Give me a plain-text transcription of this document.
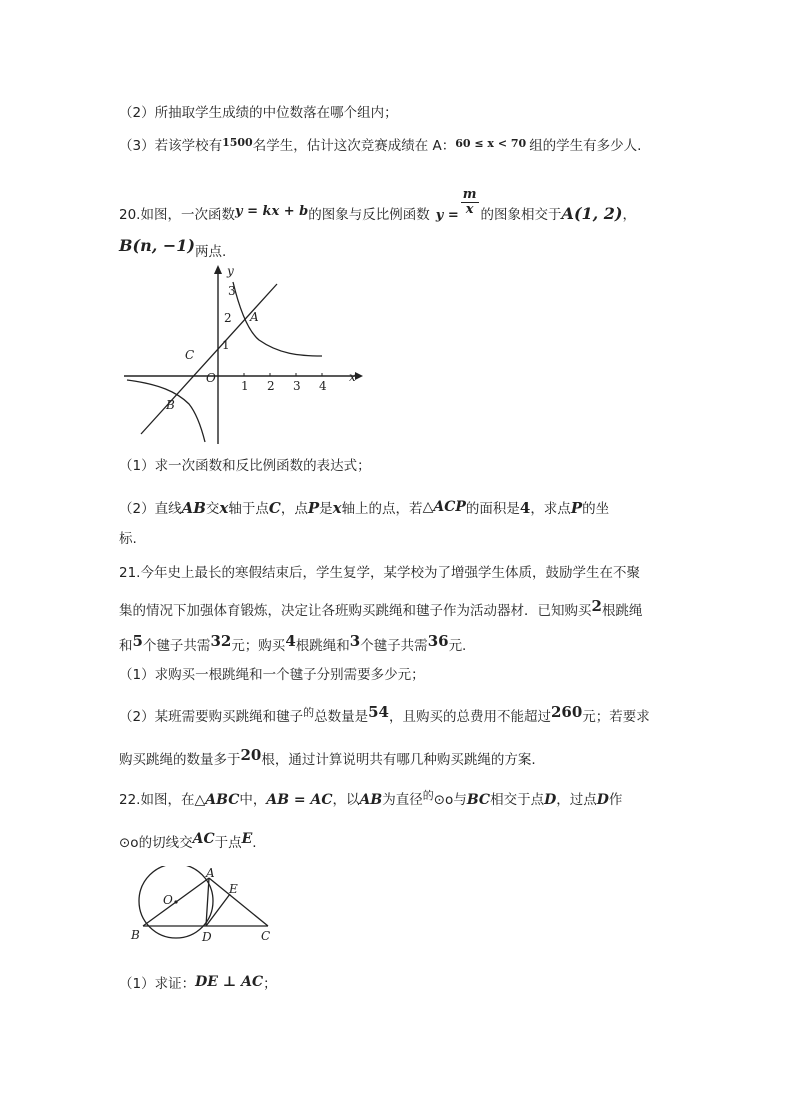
（2）所抽取学生成绩的中位数落在哪个组内；
（3）若该学校有$^{1500}$名学生，估计这次竞赛成绩在 A：$^{60 \le x < 70}$ 组的学生有多少人.
20.如图，一次函数y = kx + b的图象与反比例函数 $y = \frac{m}{x}$ 的图象相交于A(1, 2)，
B(n, −1)两点.
y
x
O
1 2 3 4
1
2
3
A
B
C
（1）求一次函数和反比例函数的表达式；
（2）直线AB交x轴于点C，点P是x轴上的点，若△ACP的面积是4，求点P的坐
标.
21.今年史上最长的寒假结束后，学生复学，某学校为了增强学生体质，鼓励学生在不聚
集的情况下加强体育锻炼，决定让各班购买跳绳和毽子作为活动器材．已知购买2根跳绳
和5个毽子共需32元；购买4根跳绳和3个毽子共需36元.
（1）求购买一根跳绳和一个毽子分别需要多少元；
（2）某班需要购买跳绳和毽子$^的$总数量是54，且购买的总费用不能超过260元；若要求
购买跳绳的数量多于20根，通过计算说明共有哪几种购买跳绳的方案.
22.如图，在△ABC中，AB = AC，以AB为直径$^的$⊙o与BC相交于点D，过点D作
⊙o的切线交AC于点E.
O
A
B	C
D
E
（1）求证：DE ⊥ AC；
